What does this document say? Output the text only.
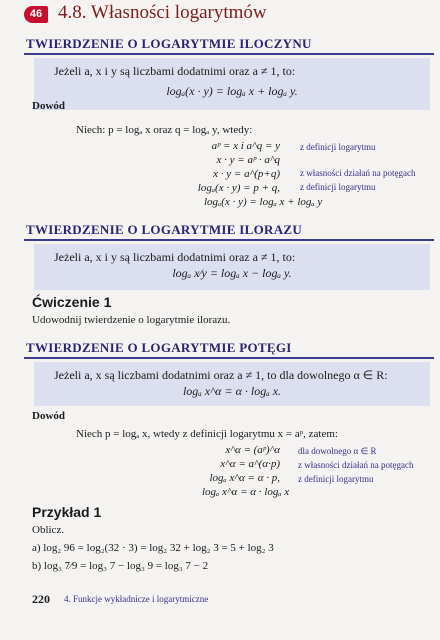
46 4.8. Własności logarytmów
TWIERDZENIE O LOGARYTMIE ILOCZYNU
Jeżeli a, x i y są liczbami dodatnimi oraz a ≠ 1, to:
logₐ(x · y) = logₐ x + logₐ y.
Dowód
Niech: p = logₐ x oraz q = logₐ y, wtedy:
aᵖ = x i a^q = y z definicji logarytmu
x · y = aᵖ · a^q
x · y = a^(p+q) z własności działań na potęgach
logₐ(x · y) = p + q, z definicji logarytmu
logₐ(x · y) = logₐ x + logₐ y
TWIERDZENIE O LOGARYTMIE ILORAZU
Jeżeli a, x i y są liczbami dodatnimi oraz a ≠ 1, to:
logₐ x⁄y = logₐ x − logₐ y.
Ćwiczenie 1
Udowodnij twierdzenie o logarytmie ilorazu.
TWIERDZENIE O LOGARYTMIE POTĘGI
Jeżeli a, x są liczbami dodatnimi oraz a ≠ 1, to dla dowolnego α ∈ R:
logₐ x^α = α · logₐ x.
Dowód
Niech p = logₐ x, wtedy z definicji logarytmu x = aᵖ, zatem:
x^α = (aᵖ)^α dla dowolnego α ∈ R
x^α = a^(α·p) z własności działań na potęgach
logₐ x^α = α · p, z definicji logarytmu
logₐ x^α = α · logₐ x
Przykład 1
Oblicz.
a) log₂ 96 = log₂(32 · 3) = log₂ 32 + log₂ 3 = 5 + log₂ 3
b) log₃ 7⁄9 = log₃ 7 − log₃ 9 = log₃ 7 − 2
220 4. Funkcje wykładnicze i logarytmiczne
